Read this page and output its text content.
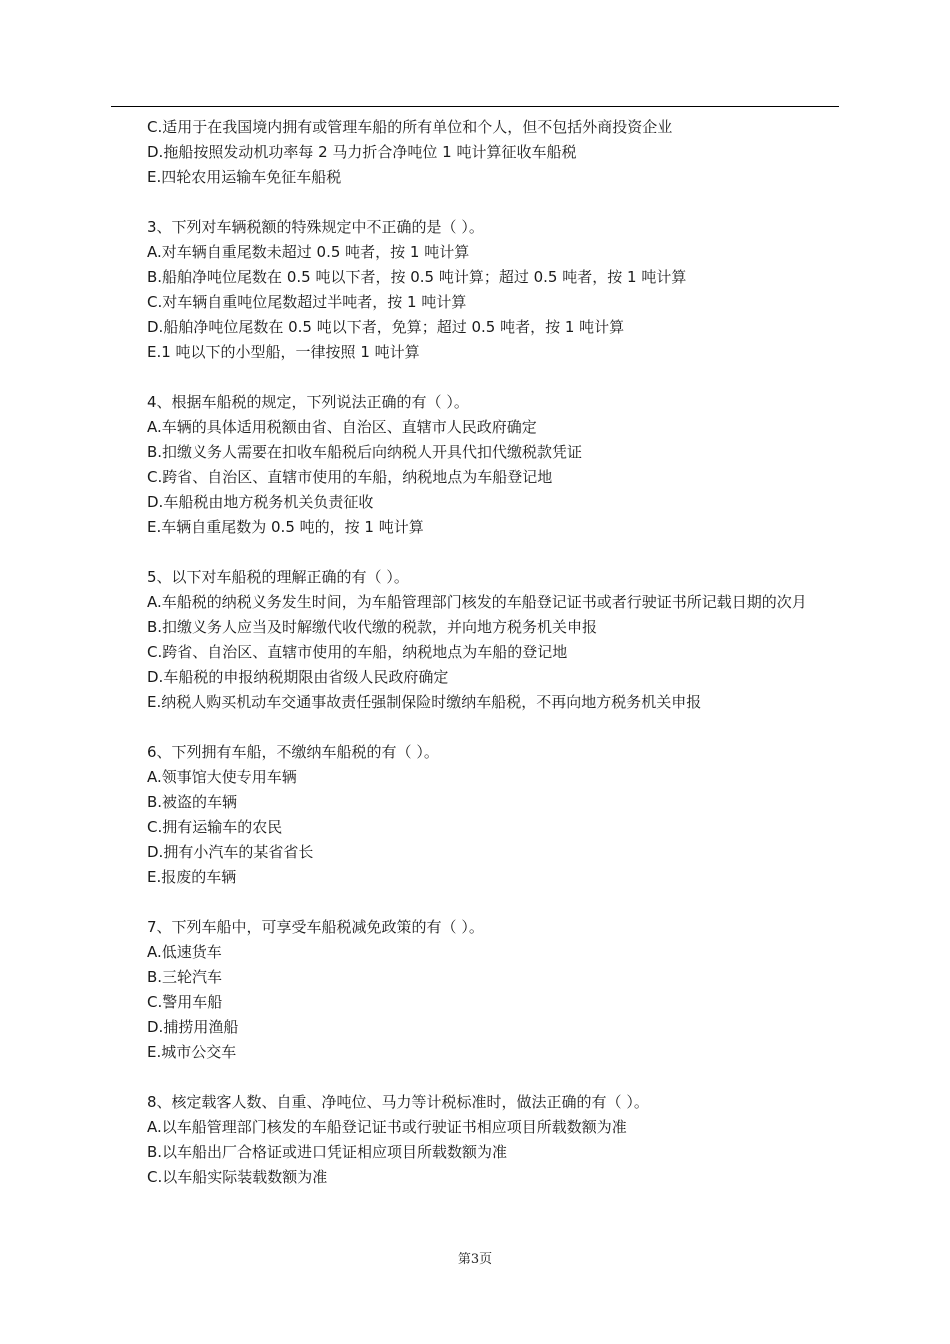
C.适用于在我国境内拥有或管理车船的所有单位和个人，但不包括外商投资企业
D.拖船按照发动机功率每 2 马力折合净吨位 1 吨计算征收车船税
E.四轮农用运输车免征车船税
3、下列对车辆税额的特殊规定中不正确的是（ ）。
A.对车辆自重尾数未超过 0.5 吨者，按 1 吨计算
B.船舶净吨位尾数在 0.5 吨以下者，按 0.5 吨计算；超过 0.5 吨者，按 1 吨计算
C.对车辆自重吨位尾数超过半吨者，按 1 吨计算
D.船舶净吨位尾数在 0.5 吨以下者，免算；超过 0.5 吨者，按 1 吨计算
E.1 吨以下的小型船，一律按照 1 吨计算
4、根据车船税的规定，下列说法正确的有（ ）。
A.车辆的具体适用税额由省、自治区、直辖市人民政府确定
B.扣缴义务人需要在扣收车船税后向纳税人开具代扣代缴税款凭证
C.跨省、自治区、直辖市使用的车船，纳税地点为车船登记地
D.车船税由地方税务机关负责征收
E.车辆自重尾数为 0.5 吨的，按 1 吨计算
5、以下对车船税的理解正确的有（ ）。
A.车船税的纳税义务发生时间，为车船管理部门核发的车船登记证书或者行驶证书所记载日期的次月
B.扣缴义务人应当及时解缴代收代缴的税款，并向地方税务机关申报
C.跨省、自治区、直辖市使用的车船，纳税地点为车船的登记地
D.车船税的申报纳税期限由省级人民政府确定
E.纳税人购买机动车交通事故责任强制保险时缴纳车船税，不再向地方税务机关申报
6、下列拥有车船，不缴纳车船税的有（ ）。
A.领事馆大使专用车辆
B.被盗的车辆
C.拥有运输车的农民
D.拥有小汽车的某省省长
E.报废的车辆
7、下列车船中，可享受车船税减免政策的有（ ）。
A.低速货车
B.三轮汽车
C.警用车船
D.捕捞用渔船
E.城市公交车
8、核定载客人数、自重、净吨位、马力等计税标准时，做法正确的有（ ）。
A.以车船管理部门核发的车船登记证书或行驶证书相应项目所载数额为准
B.以车船出厂合格证或进口凭证相应项目所载数额为准
C.以车船实际装载数额为准
第3页
